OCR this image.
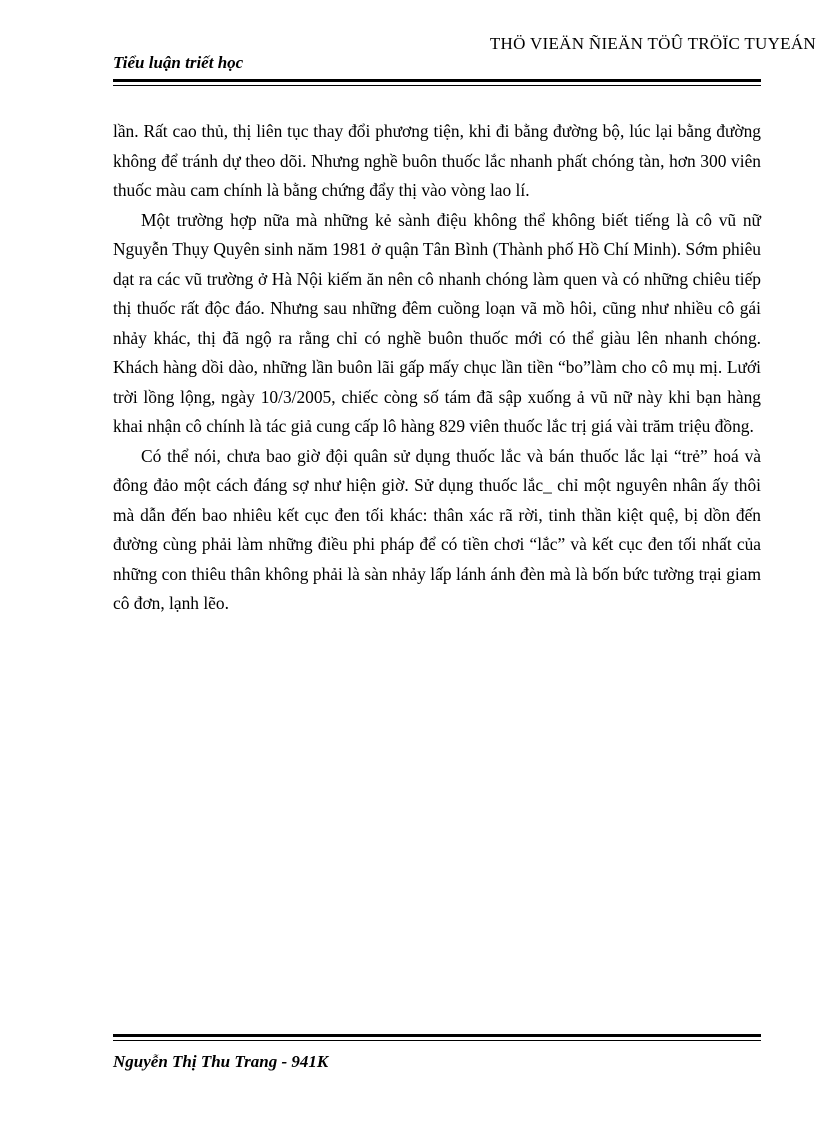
THÖ VIEÄN ÑIEÄN TÖÛ TRÖÏC TUYEÁN
Tiểu luận triết học

lần. Rất cao thủ, thị liên tục thay đổi phương tiện, khi đi bằng đường bộ, lúc lại bằng đường không để tránh dự theo dõi. Nhưng nghề buôn thuốc lắc nhanh phất chóng tàn, hơn 300 viên thuốc màu cam chính là bằng chứng đẩy thị vào vòng lao lí.

Một trường hợp nữa mà những kẻ sành điệu không thể không biết tiếng là cô vũ nữ Nguyễn Thụy Quyên sinh năm 1981 ở quận Tân Bình (Thành phố Hồ Chí Minh). Sớm phiêu dạt ra các vũ trường ở Hà Nội kiếm ăn nên cô nhanh chóng làm quen và có những chiêu tiếp thị thuốc rất độc đáo. Nhưng sau những đêm cuồng loạn vã mồ hôi, cũng như nhiều cô gái nhảy khác, thị đã ngộ ra rằng chỉ có nghề buôn thuốc mới có thể giàu lên nhanh chóng. Khách hàng dồi dào, những lần buôn lãi gấp mấy chục lần tiền “bo”làm cho cô mụ mị. Lưới trời lồng lộng, ngày 10/3/2005, chiếc còng số tám đã sập xuống ả vũ nữ này khi bạn hàng khai nhận cô chính là tác giả cung cấp lô hàng 829 viên thuốc lắc trị giá vài trăm triệu đồng.

Có thể nói, chưa bao giờ đội quân sử dụng thuốc lắc và bán thuốc lắc lại “trẻ” hoá và đông đảo một cách đáng sợ như hiện giờ. Sử dụng thuốc lắc_ chỉ một nguyên nhân ấy thôi mà dẫn đến bao nhiêu kết cục đen tối khác: thân xác rã rời, tinh thần kiệt quệ, bị dồn đến đường cùng phải làm những điều phi pháp để có tiền chơi “lắc” và kết cục đen tối nhất của những con thiêu thân không phải là sàn nhảy lấp lánh ánh đèn mà là bốn bức tường trại giam cô đơn, lạnh lẽo.

Nguyễn Thị Thu Trang - 941K
